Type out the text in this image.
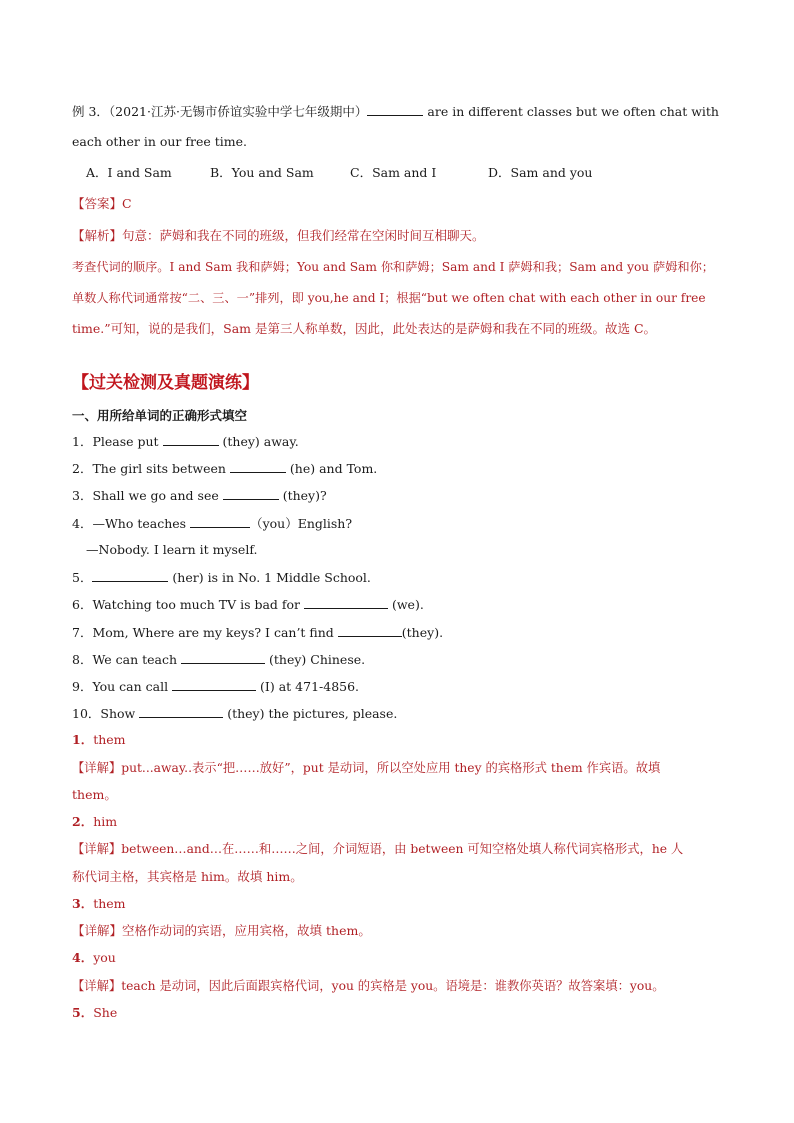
例 3．（2021·江苏·无锡市侨谊实验中学七年级期中）	are in different classes but we often chat with
each other in our free time.
A．I and Sam	B．You and Sam	C．Sam and I	D．Sam and you
【答案】C
【解析】句意：萨姆和我在不同的班级，但我们经常在空闲时间互相聊天。
考查代词的顺序。I and Sam 我和萨姆；You and Sam 你和萨姆；Sam and I 萨姆和我；Sam and you 萨姆和你；
单数人称代词通常按“二、三、一”排列，即 you,he and I；根据“but we often chat with each other in our free
time.”可知，说的是我们，Sam 是第三人称单数，因此，此处表达的是萨姆和我在不同的班级。故选 C。
【过关检测及真题演练】
一、用所给单词的正确形式填空
1．Please put	(they) away.
2．The girl sits between	(he) and Tom.
3．Shall we go and see	(they)?
4．—Who teaches	（you）English?
—Nobody. I learn it myself.
5．	(her) is in No. 1 Middle School.
6．Watching too much TV is bad for	(we).
7．Mom, Where are my keys? I can’t find	(they).
8．We can teach	(they) Chinese.
9．You can call	(I) at 471-4856.
10．Show	(they) the pictures, please.
1．them
【详解】put...away..表示“把……放好”，put 是动词，所以空处应用 they 的宾格形式 them 作宾语。故填
them。
2．him
【详解】between…and…在……和……之间，介词短语，由 between 可知空格处填人称代词宾格形式，he 人
称代词主格，其宾格是 him。故填 him。
3．them
【详解】空格作动词的宾语，应用宾格，故填 them。
4．you
【详解】teach 是动词，因此后面跟宾格代词，you 的宾格是 you。语境是：谁教你英语？故答案填：you。
5．She
